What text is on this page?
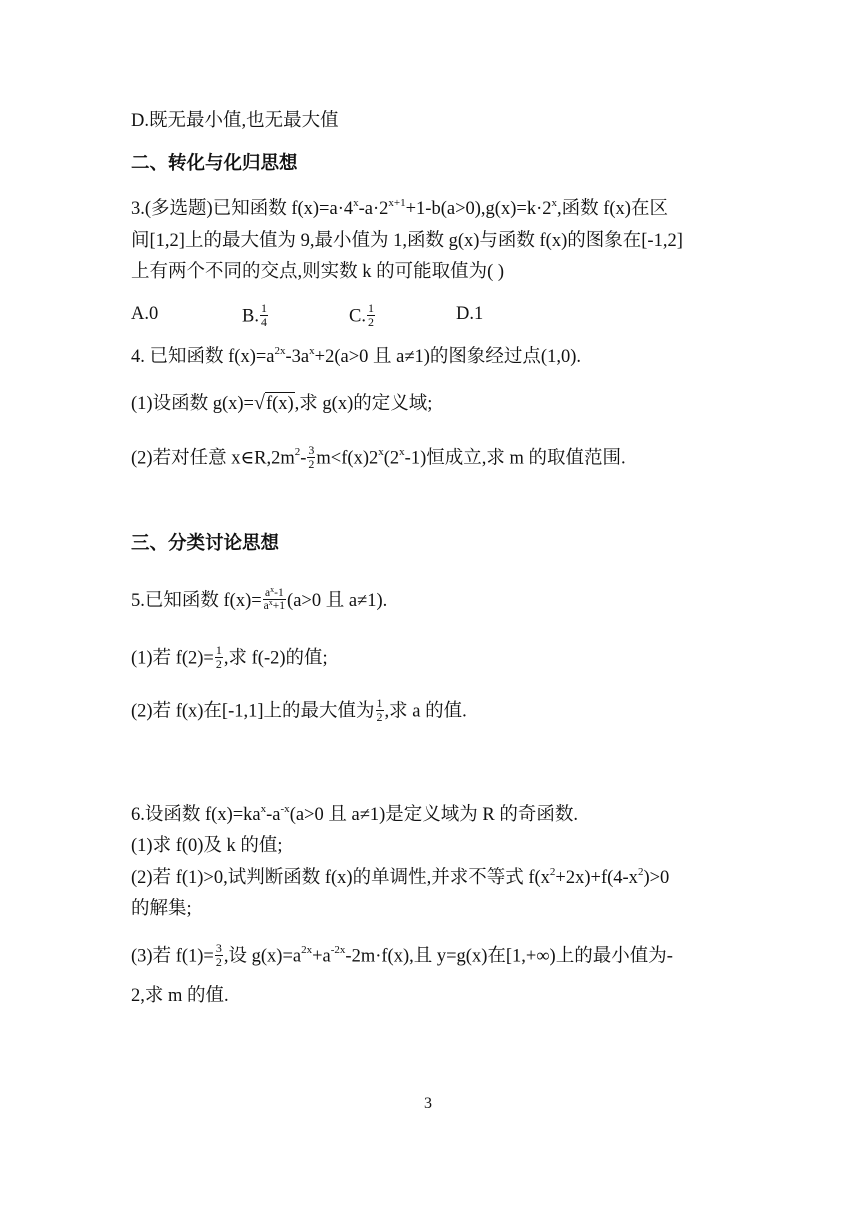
D.既无最小值,也无最大值
二、转化与化归思想
3.(多选题)已知函数 $f(x)=a\cdot 4^x-a\cdot 2^{x+1}+1-b(a>0),g(x)=k\cdot 2^x$,函数 f(x)在区
间[1,2]上的最大值为 9,最小值为 1,函数 g(x)与函数 f(x)的图象在[-1,2]
上有两个不同的交点,则实数 k 的可能取值为( )
A.0	B. $\frac{1}{4}$	C. $\frac{1}{2}$	D.1
4. 已知函数 $f(x)=a^{2x}-3a^x+2(a>0$ 且 a≠1)的图象经过点(1,0).
(1)设函数 g(x)=√f(x),求 g(x)的定义域;
(2)若对任意 $x\in R,2m^2- \frac{3}{2} m<f(x)2^x(2^x-1)$恒成立,求 m 的取值范围.
三、分类讨论思想
5.已知函数 $f(x)= \frac{a^x-1}{a^x+1} (a>0$ 且 a≠1).
(1)若 $f(2)= \frac{1}{2}$ ,求 f(-2)的值;
(2)若 f(x)在[-1,1]上的最大值为 $\frac{1}{2}$ ,求 a 的值.
6.设函数 $f(x)=ka^x-a^{-x}(a>0$ 且 a≠1)是定义域为 R 的奇函数.
(1)求 f(0)及 k 的值;
(2)若 f(1)>0,试判断函数 f(x)的单调性,并求不等式 $f(x^2+2x)+f(4-x^2)>0$
的解集;
(3)若 $f(1)= \frac{3}{2}$ ,设 $g(x)=a^{2x}+a^{-2x}-2m\cdot f(x)$,且 y=g(x)在[1,+∞)上的最小值为-
2,求 m 的值.
3
